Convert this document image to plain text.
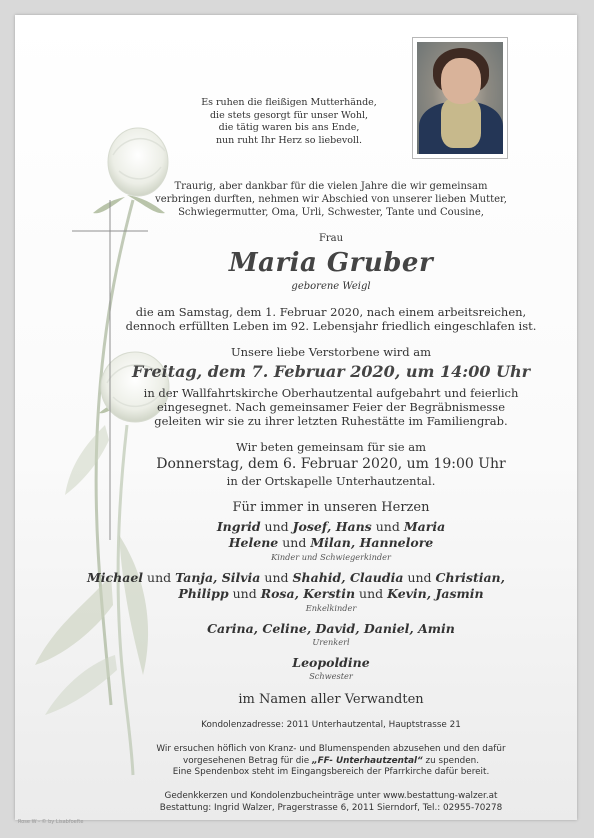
Es ruhen die fleißigen Mutterhände,
die stets gesorgt für unser Wohl,
die tätig waren bis ans Ende,
nun ruht Ihr Herz so liebevoll.
Traurig, aber dankbar für die vielen Jahre die wir gemeinsam
verbringen durften, nehmen wir Abschied von unserer lieben Mutter,
Schwiegermutter, Oma, Urli, Schwester, Tante und Cousine,
Frau
Maria Gruber
geborene Weigl
die am Samstag, dem 1. Februar 2020, nach einem arbeitsreichen,
dennoch erfüllten Leben im 92. Lebensjahr friedlich eingeschlafen ist.
Unsere liebe Verstorbene wird am
Freitag, dem 7. Februar 2020, um 14:00 Uhr
in der Wallfahrtskirche Oberhautzental aufgebahrt und feierlich
eingesegnet. Nach gemeinsamer Feier der Begräbnismesse
geleiten wir sie zu ihrer letzten Ruhestätte im Familiengrab.
Wir beten gemeinsam für sie am
Donnerstag, dem 6. Februar 2020, um 19:00 Uhr
in der Ortskapelle Unterhautzental.
Für immer in unseren Herzen
Ingrid und Josef, Hans und Maria
Helene und Milan, Hannelore
Kinder und Schwiegerkinder
Michael und Tanja, Silvia und Shahid, Claudia und Christian,
Philipp und Rosa, Kerstin und Kevin, Jasmin
Enkelkinder
Carina, Celine, David, Daniel, Amin
Urenkerl
Leopoldine
Schwester
im Namen aller Verwandten
Kondolenzadresse: 2011 Unterhautzental, Hauptstrasse 21
Wir ersuchen höflich von Kranz- und Blumenspenden abzusehen und den dafür
vorgesehenen Betrag für die „FF- Unterhautzental“ zu spenden.
Eine Spendenbox steht im Eingangsbereich der Pfarrkirche dafür bereit.
Gedenkkerzen und Kondolenzbucheinträge unter www.bestattung-walzer.at
Bestattung: Ingrid Walzer, Pragerstrasse 6, 2011 Sierndorf, Tel.: 02955-70278
Rose W - © by Lisabfoefte
